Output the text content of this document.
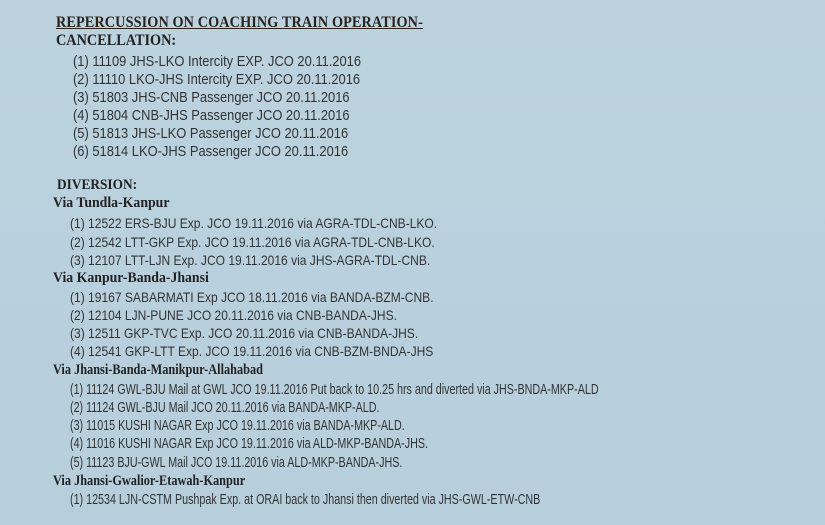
REPERCUSSION ON COACHING TRAIN OPERATION-
CANCELLATION:
(1) 11109 JHS-LKO Intercity EXP. JCO 20.11.2016
(2) 11110 LKO-JHS Intercity EXP. JCO 20.11.2016
(3) 51803 JHS-CNB Passenger JCO 20.11.2016
(4) 51804 CNB-JHS Passenger JCO 20.11.2016
(5) 51813 JHS-LKO Passenger JCO 20.11.2016
(6) 51814 LKO-JHS Passenger JCO 20.11.2016
DIVERSION:
Via Tundla-Kanpur
(1) 12522 ERS-BJU Exp. JCO 19.11.2016 via AGRA-TDL-CNB-LKO.
(2) 12542 LTT-GKP Exp. JCO 19.11.2016 via AGRA-TDL-CNB-LKO.
(3) 12107 LTT-LJN Exp. JCO 19.11.2016 via JHS-AGRA-TDL-CNB.
Via Kanpur-Banda-Jhansi
(1) 19167 SABARMATI Exp JCO 18.11.2016 via BANDA-BZM-CNB.
(2) 12104 LJN-PUNE JCO 20.11.2016 via CNB-BANDA-JHS.
(3) 12511 GKP-TVC Exp. JCO 20.11.2016 via CNB-BANDA-JHS.
(4) 12541 GKP-LTT Exp. JCO 19.11.2016 via CNB-BZM-BNDA-JHS
Via Jhansi-Banda-Manikpur-Allahabad
(1) 11124 GWL-BJU Mail at GWL JCO 19.11.2016 Put back to 10.25 hrs and diverted via JHS-BNDA-MKP-ALD
(2) 11124 GWL-BJU Mail JCO 20.11.2016 via BANDA-MKP-ALD.
(3) 11015 KUSHI NAGAR Exp JCO 19.11.2016 via BANDA-MKP-ALD.
(4) 11016 KUSHI NAGAR Exp JCO 19.11.2016 via ALD-MKP-BANDA-JHS.
(5) 11123 BJU-GWL Mail JCO 19.11.2016 via ALD-MKP-BANDA-JHS.
Via Jhansi-Gwalior-Etawah-Kanpur
(1) 12534 LJN-CSTM Pushpak Exp. at ORAI back to Jhansi then diverted via JHS-GWL-ETW-CNB
